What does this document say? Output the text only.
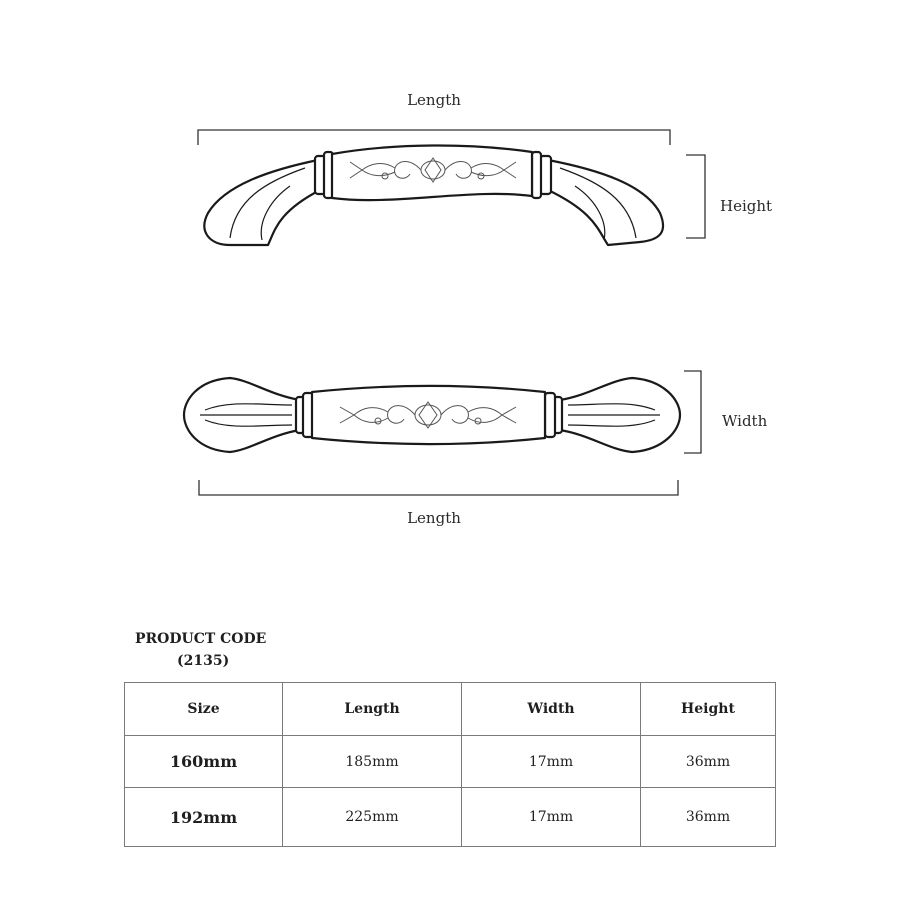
Length
Height
Width
Length
PRODUCT CODE
(2135)
Size	Length	Width	Height
160mm	185mm	17mm	36mm
192mm	225mm	17mm	36mm
